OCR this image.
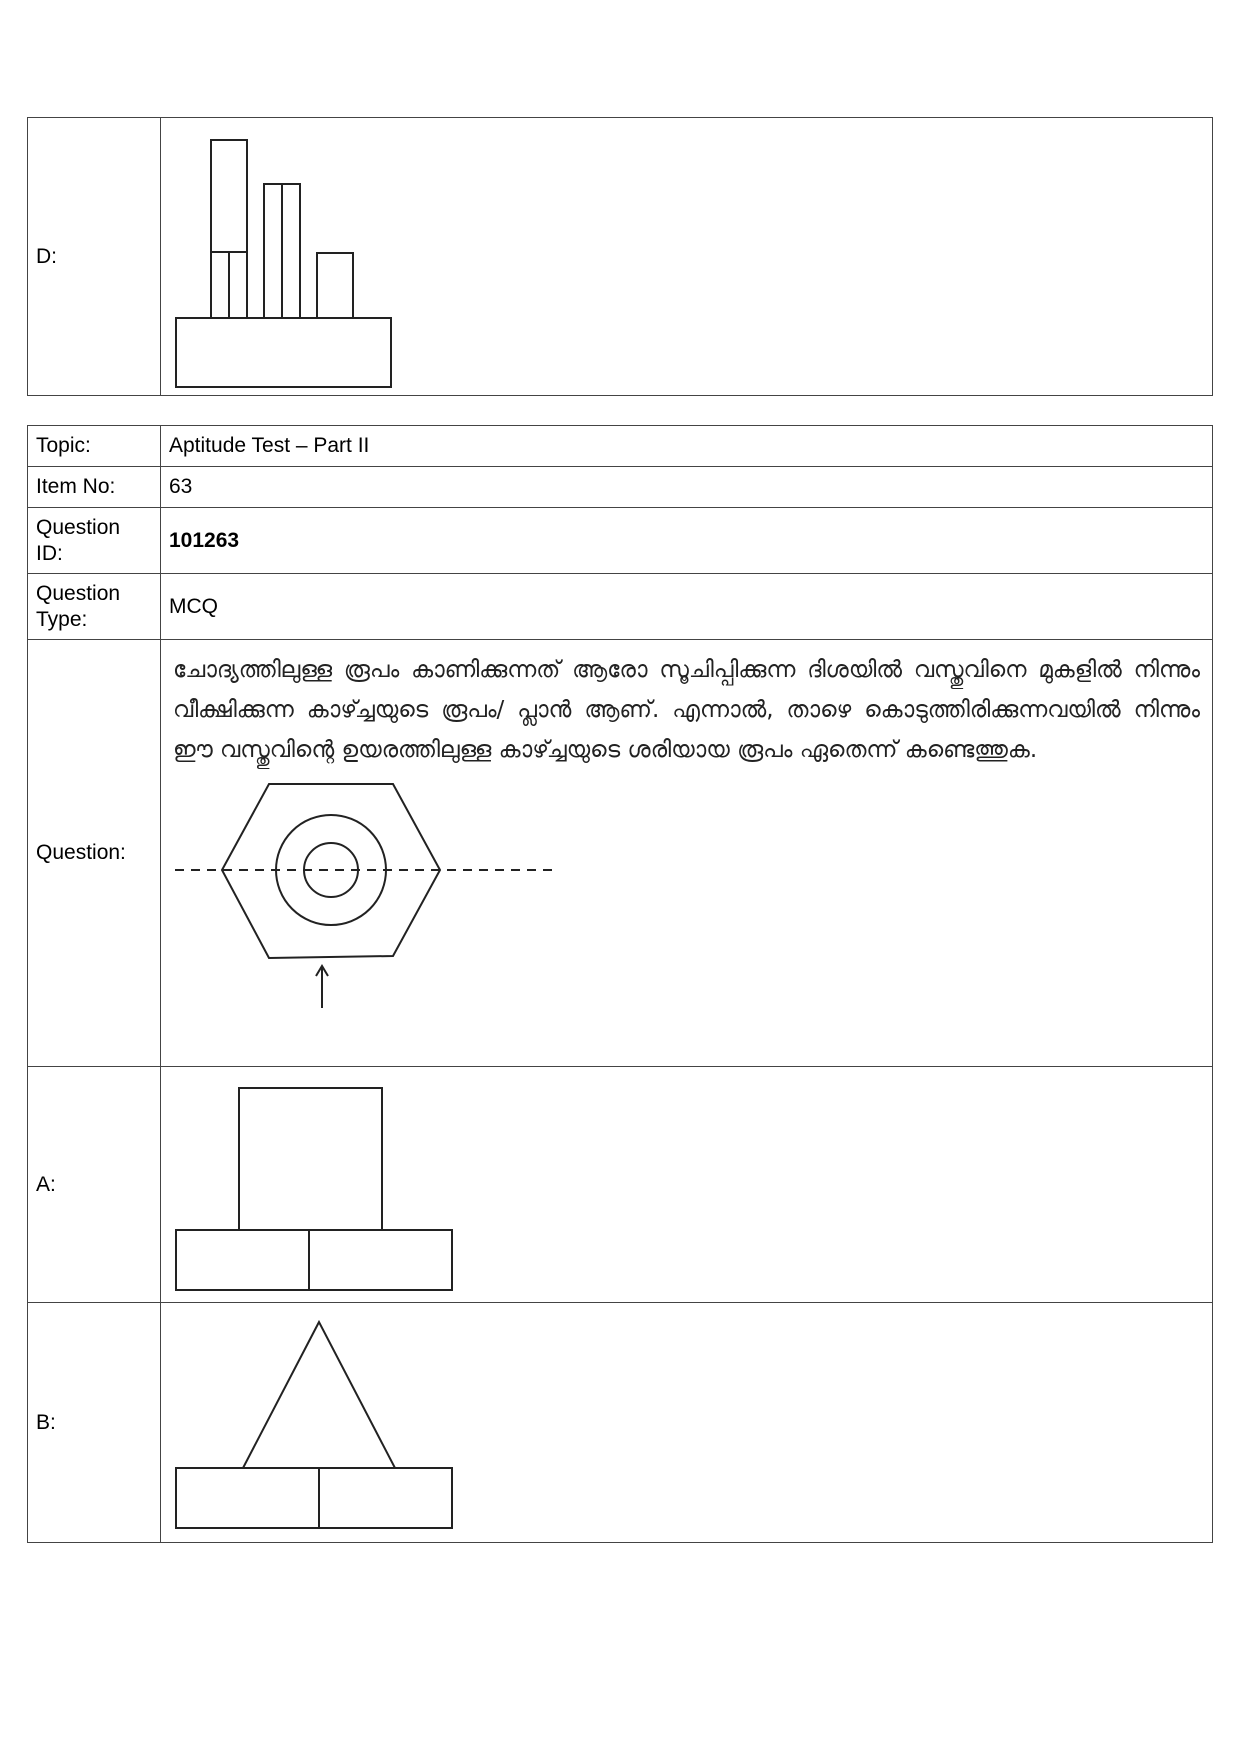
D:	
Topic:	Aptitude Test – Part II
Item No:	63
Question ID:	101263
Question Type:	MCQ
Question:	ചോദ്യത്തിലുള്ള രൂപം കാണിക്കുന്നത് ആരോ സൂചിപ്പിക്കുന്ന ദിശയിൽ വസ്തുവിനെ മുകളിൽ നിന്നും വീക്ഷിക്കുന്ന കാഴ്ച്ചയുടെ രൂപം/ പ്ലാൻ ആണ്. എന്നാൽ, താഴെ കൊടുത്തിരിക്കുന്നവയിൽ നിന്നും ഈ വസ്തുവിന്റെ ഉയരത്തിലുള്ള കാഴ്ച്ചയുടെ ശരിയായ രൂപം ഏതെന്ന് കണ്ടെത്തുക.

A:	

B:	
